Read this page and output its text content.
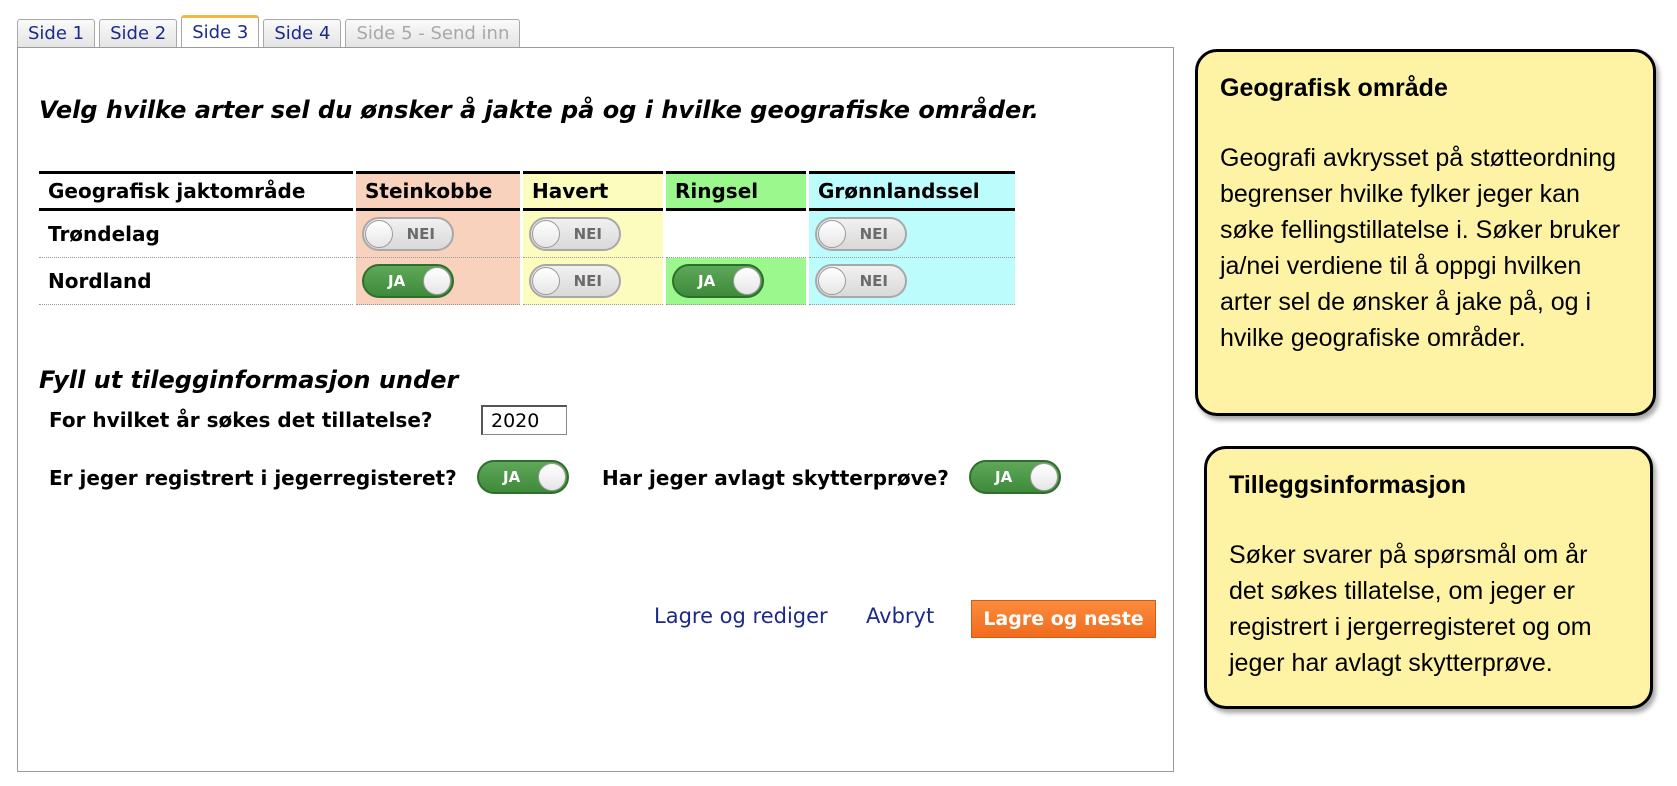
Side 1	Side 2	Side 3	Side 4	Side 5 - Send inn
Velg hvilke arter sel du ønsker å jakte på og i hvilke geografiske områder.
Geografisk jaktområde	Steinkobbe	Havert	Ringsel	Grønnlandssel
Trøndelag	NEI	NEI		NEI

Nordland	JA	NEI	JA	NEI
Fyll ut tilegginformasjon under
For hvilket år søkes det tillatelse?
2020
Er jeger registrert i jegerregisteret?	JA	Har jeger avlagt skytterprøve?	JA
Lagre og rediger Avbryt	Lagre og neste
Geografisk område
Geografi avkrysset på støtteordning begrenser hvilke fylker jeger kan søke fellingstillatelse i. Søker bruker ja/nei verdiene til å oppgi hvilken arter sel de ønsker å jake på, og i hvilke geografiske områder.
Tilleggsinformasjon
Søker svarer på spørsmål om år det søkes tillatelse, om jeger er registrert i jergerregisteret og om jeger har avlagt skytterprøve.
